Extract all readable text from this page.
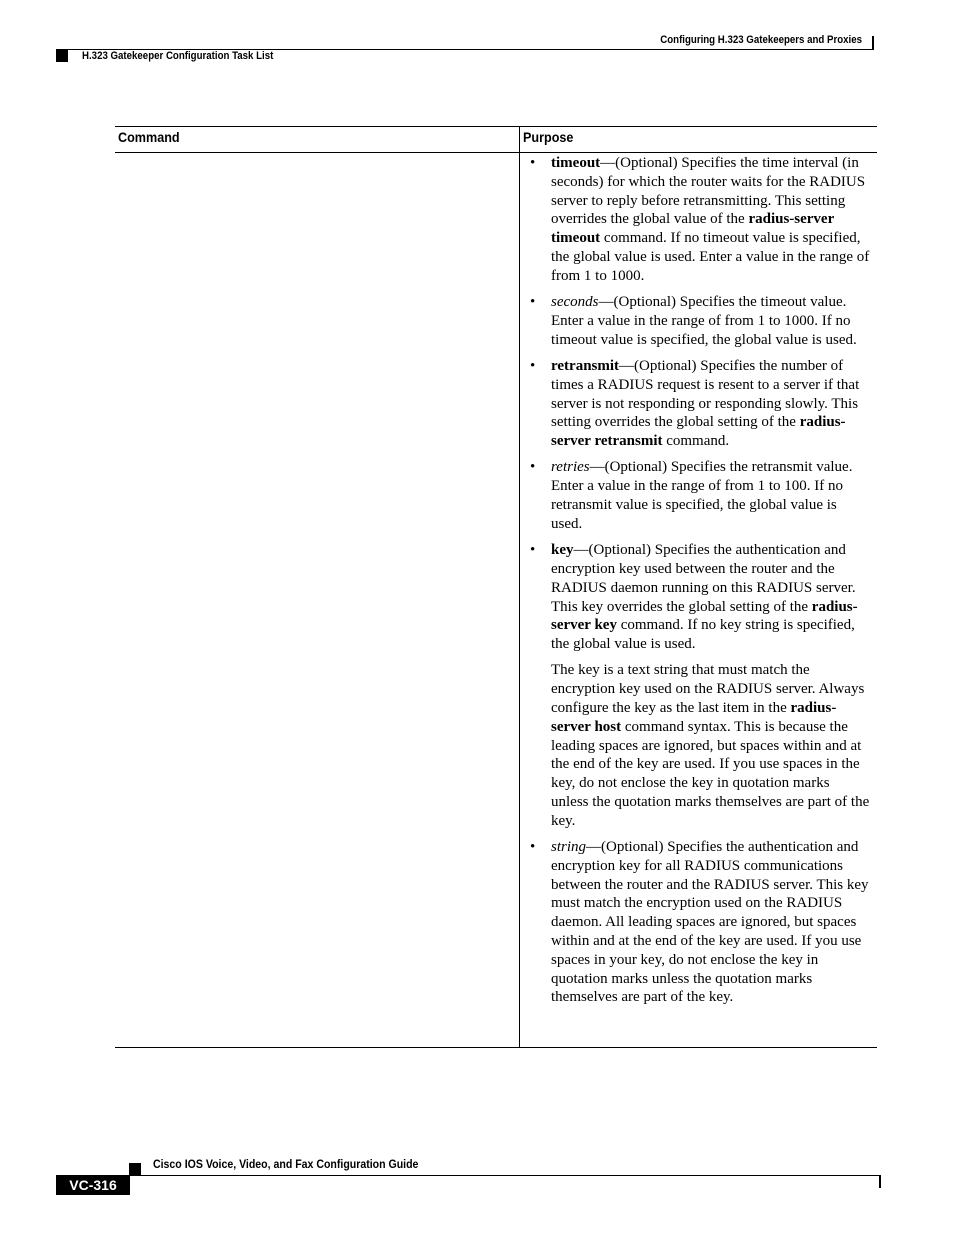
Configuring H.323 Gatekeepers and Proxies
H.323 Gatekeeper Configuration Task List
Command	Purpose
• timeout—(Optional) Specifies the time interval (in seconds) for which the router waits for the RADIUS server to reply before retransmitting. This setting overrides the global value of the radius-server timeout command. If no timeout value is specified, the global value is used. Enter a value in the range of from 1 to 1000.
• seconds—(Optional) Specifies the timeout value. Enter a value in the range of from 1 to 1000. If no timeout value is specified, the global value is used.
• retransmit—(Optional) Specifies the number of times a RADIUS request is resent to a server if that server is not responding or responding slowly. This setting overrides the global setting of the radius-server retransmit command.
• retries—(Optional) Specifies the retransmit value. Enter a value in the range of from 1 to 100. If no retransmit value is specified, the global value is used.
• key—(Optional) Specifies the authentication and encryption key used between the router and the RADIUS daemon running on this RADIUS server. This key overrides the global setting of the radius-server key command. If no key string is specified, the global value is used.
The key is a text string that must match the encryption key used on the RADIUS server. Always configure the key as the last item in the radius-server host command syntax. This is because the leading spaces are ignored, but spaces within and at the end of the key are used. If you use spaces in the key, do not enclose the key in quotation marks unless the quotation marks themselves are part of the key.
• string—(Optional) Specifies the authentication and encryption key for all RADIUS communications between the router and the RADIUS server. This key must match the encryption used on the RADIUS daemon. All leading spaces are ignored, but spaces within and at the end of the key are used. If you use spaces in your key, do not enclose the key in quotation marks unless the quotation marks themselves are part of the key.
Cisco IOS Voice, Video, and Fax Configuration Guide
VC-316
